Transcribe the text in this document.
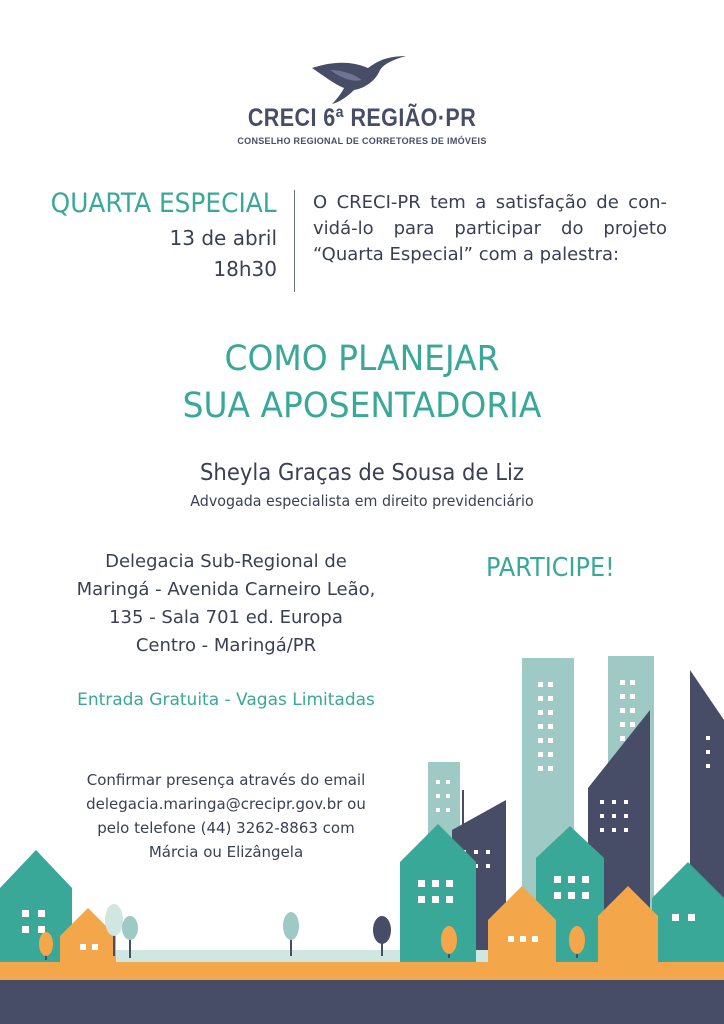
CRECI 6ª REGIÃO·PR
CONSELHO REGIONAL DE CORRETORES DE IMÓVEIS
QUARTA ESPECIAL
13 de abril
18h30
O CRECI-PR tem a satisfação de con- vidá-lo para participar do projeto “Quarta Especial” com a palestra:
COMO PLANEJAR
SUA APOSENTADORIA
Sheyla Graças de Sousa de Liz
Advogada especialista em direito previdenciário
Delegacia Sub-Regional de
Maringá - Avenida Carneiro Leão,
135 - Sala 701 ed. Europa
Centro - Maringá/PR
PARTICIPE!
Entrada Gratuita - Vagas Limitadas
Confirmar presença através do email
delegacia.maringa@crecipr.gov.br ou
pelo telefone (44) 3262-8863 com
Márcia ou Elizângela
